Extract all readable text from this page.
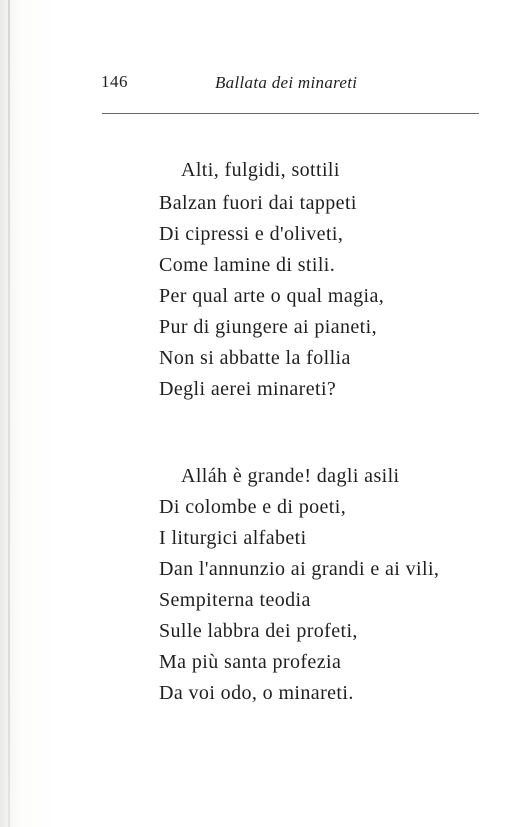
146	Ballata dei minareti
Alti, fulgidi, sottili
Balzan fuori dai tappeti
Di cipressi e d'oliveti,
Come lamine di stili.
Per qual arte o qual magia,
Pur di giungere ai pianeti,
Non si abbatte la follia
Degli aerei minareti?
Alláh è grande! dagli asili
Di colombe e di poeti,
I liturgici alfabeti
Dan l'annunzio ai grandi e ai vili,
Sempiterna teodia
Sulle labbra dei profeti,
Ma più santa profezia
Da voi odo, o minareti.
